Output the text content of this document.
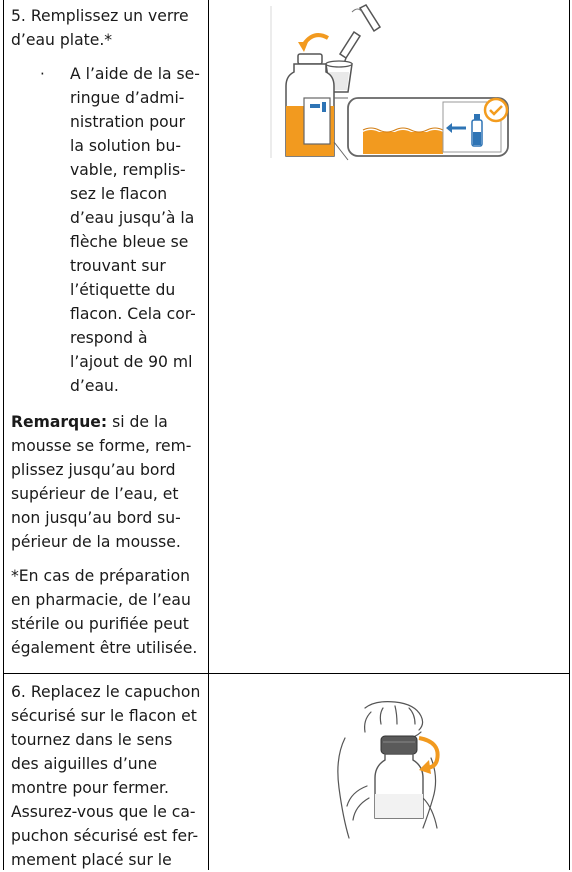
5. Remplissez un verre

d’eau plate.*

· A l’aide de la se-

ringue d’admi-

nistration pour

la solution bu-

vable, remplis-

sez le flacon

d’eau jusqu’à la

flèche bleue se

trouvant sur

l’étiquette du

flacon. Cela cor-

respond à

l’ajout de 90 ml

d’eau.

Remarque: si de la

mousse se forme, rem-

plissez jusqu’au bord

supérieur de l’eau, et

non jusqu’au bord su-

périeur de la mousse.

*En cas de préparation

en pharmacie, de l’eau

stérile ou purifiée peut

également être utilisée.

6. Replacez le capuchon

sécurisé sur le flacon et

tournez dans le sens

des aiguilles d’une

montre pour fermer.

Assurez-vous que le ca-

puchon sécurisé est fer-

mement placé sur le
